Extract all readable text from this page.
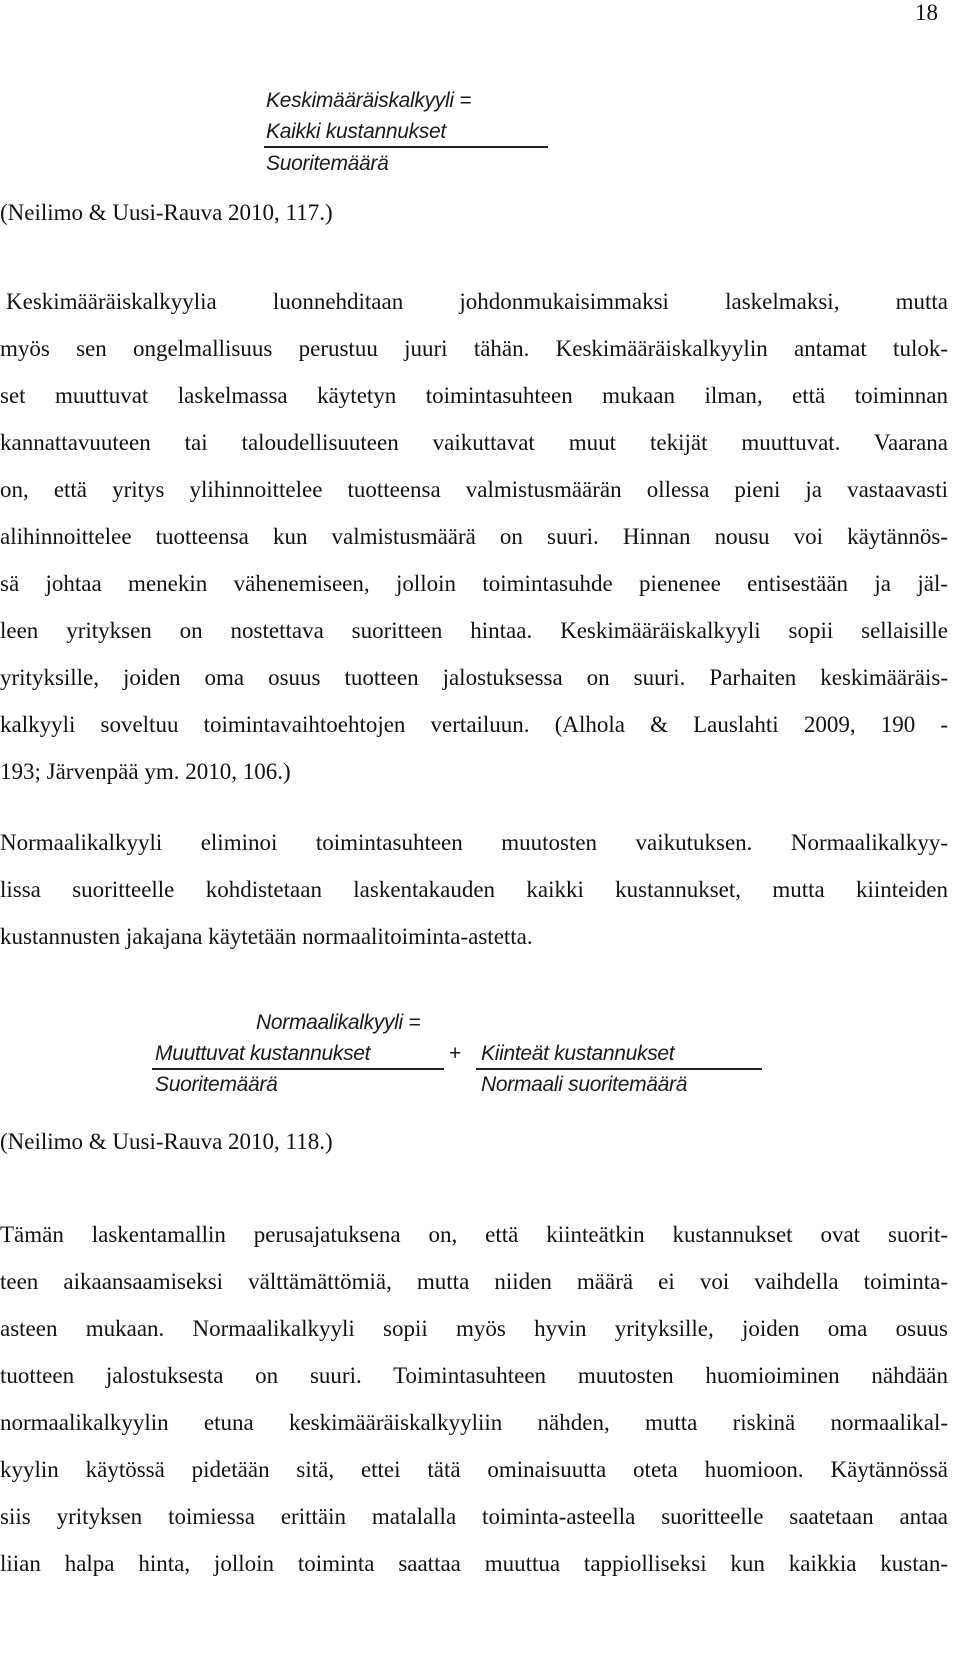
18
Keskimääräiskalkyyli =
Kaikki kustannukset
Suoritemäärä
(Neilimo & Uusi-Rauva 2010, 117.)
Keskimääräiskalkyylia luonnehditaan johdonmukaisimmaksi laskelmaksi, mutta
myös sen ongelmallisuus perustuu juuri tähän. Keskimääräiskalkyylin antamat tulok-
set muuttuvat laskelmassa käytetyn toimintasuhteen mukaan ilman, että toiminnan
kannattavuuteen tai taloudellisuuteen vaikuttavat muut tekijät muuttuvat. Vaarana
on, että yritys ylihinnoittelee tuotteensa valmistusmäärän ollessa pieni ja vastaavasti
alihinnoittelee tuotteensa kun valmistusmäärä on suuri. Hinnan nousu voi käytännös-
sä johtaa menekin vähenemiseen, jolloin toimintasuhde pienenee entisestään ja jäl-
leen yrityksen on nostettava suoritteen hintaa. Keskimääräiskalkyyli sopii sellaisille
yrityksille, joiden oma osuus tuotteen jalostuksessa on suuri. Parhaiten keskimääräis-
kalkyyli soveltuu toimintavaihtoehtojen vertailuun. (Alhola & Lauslahti 2009, 190 -
193; Järvenpää ym. 2010, 106.)
Normaalikalkyyli eliminoi toimintasuhteen muutosten vaikutuksen. Normaalikalkyy-
lissa suoritteelle kohdistetaan laskentakauden kaikki kustannukset, mutta kiinteiden
kustannusten jakajana käytetään normaalitoiminta-astetta.
Normaalikalkyyli =
Muuttuvat kustannukset
Suoritemäärä
+ Kiinteät kustannukset
Normaali suoritemäärä
(Neilimo & Uusi-Rauva 2010, 118.)
Tämän laskentamallin perusajatuksena on, että kiinteätkin kustannukset ovat suorit-
teen aikaansaamiseksi välttämättömiä, mutta niiden määrä ei voi vaihdella toiminta-
asteen mukaan. Normaalikalkyyli sopii myös hyvin yrityksille, joiden oma osuus
tuotteen jalostuksesta on suuri. Toimintasuhteen muutosten huomioiminen nähdään
normaalikalkyylin etuna keskimääräiskalkyyliin nähden, mutta riskinä normaalikal-
kyylin käytössä pidetään sitä, ettei tätä ominaisuutta oteta huomioon. Käytännössä
siis yrityksen toimiessa erittäin matalalla toiminta-asteella suoritteelle saatetaan antaa
liian halpa hinta, jolloin toiminta saattaa muuttua tappiolliseksi kun kaikkia kustan-
